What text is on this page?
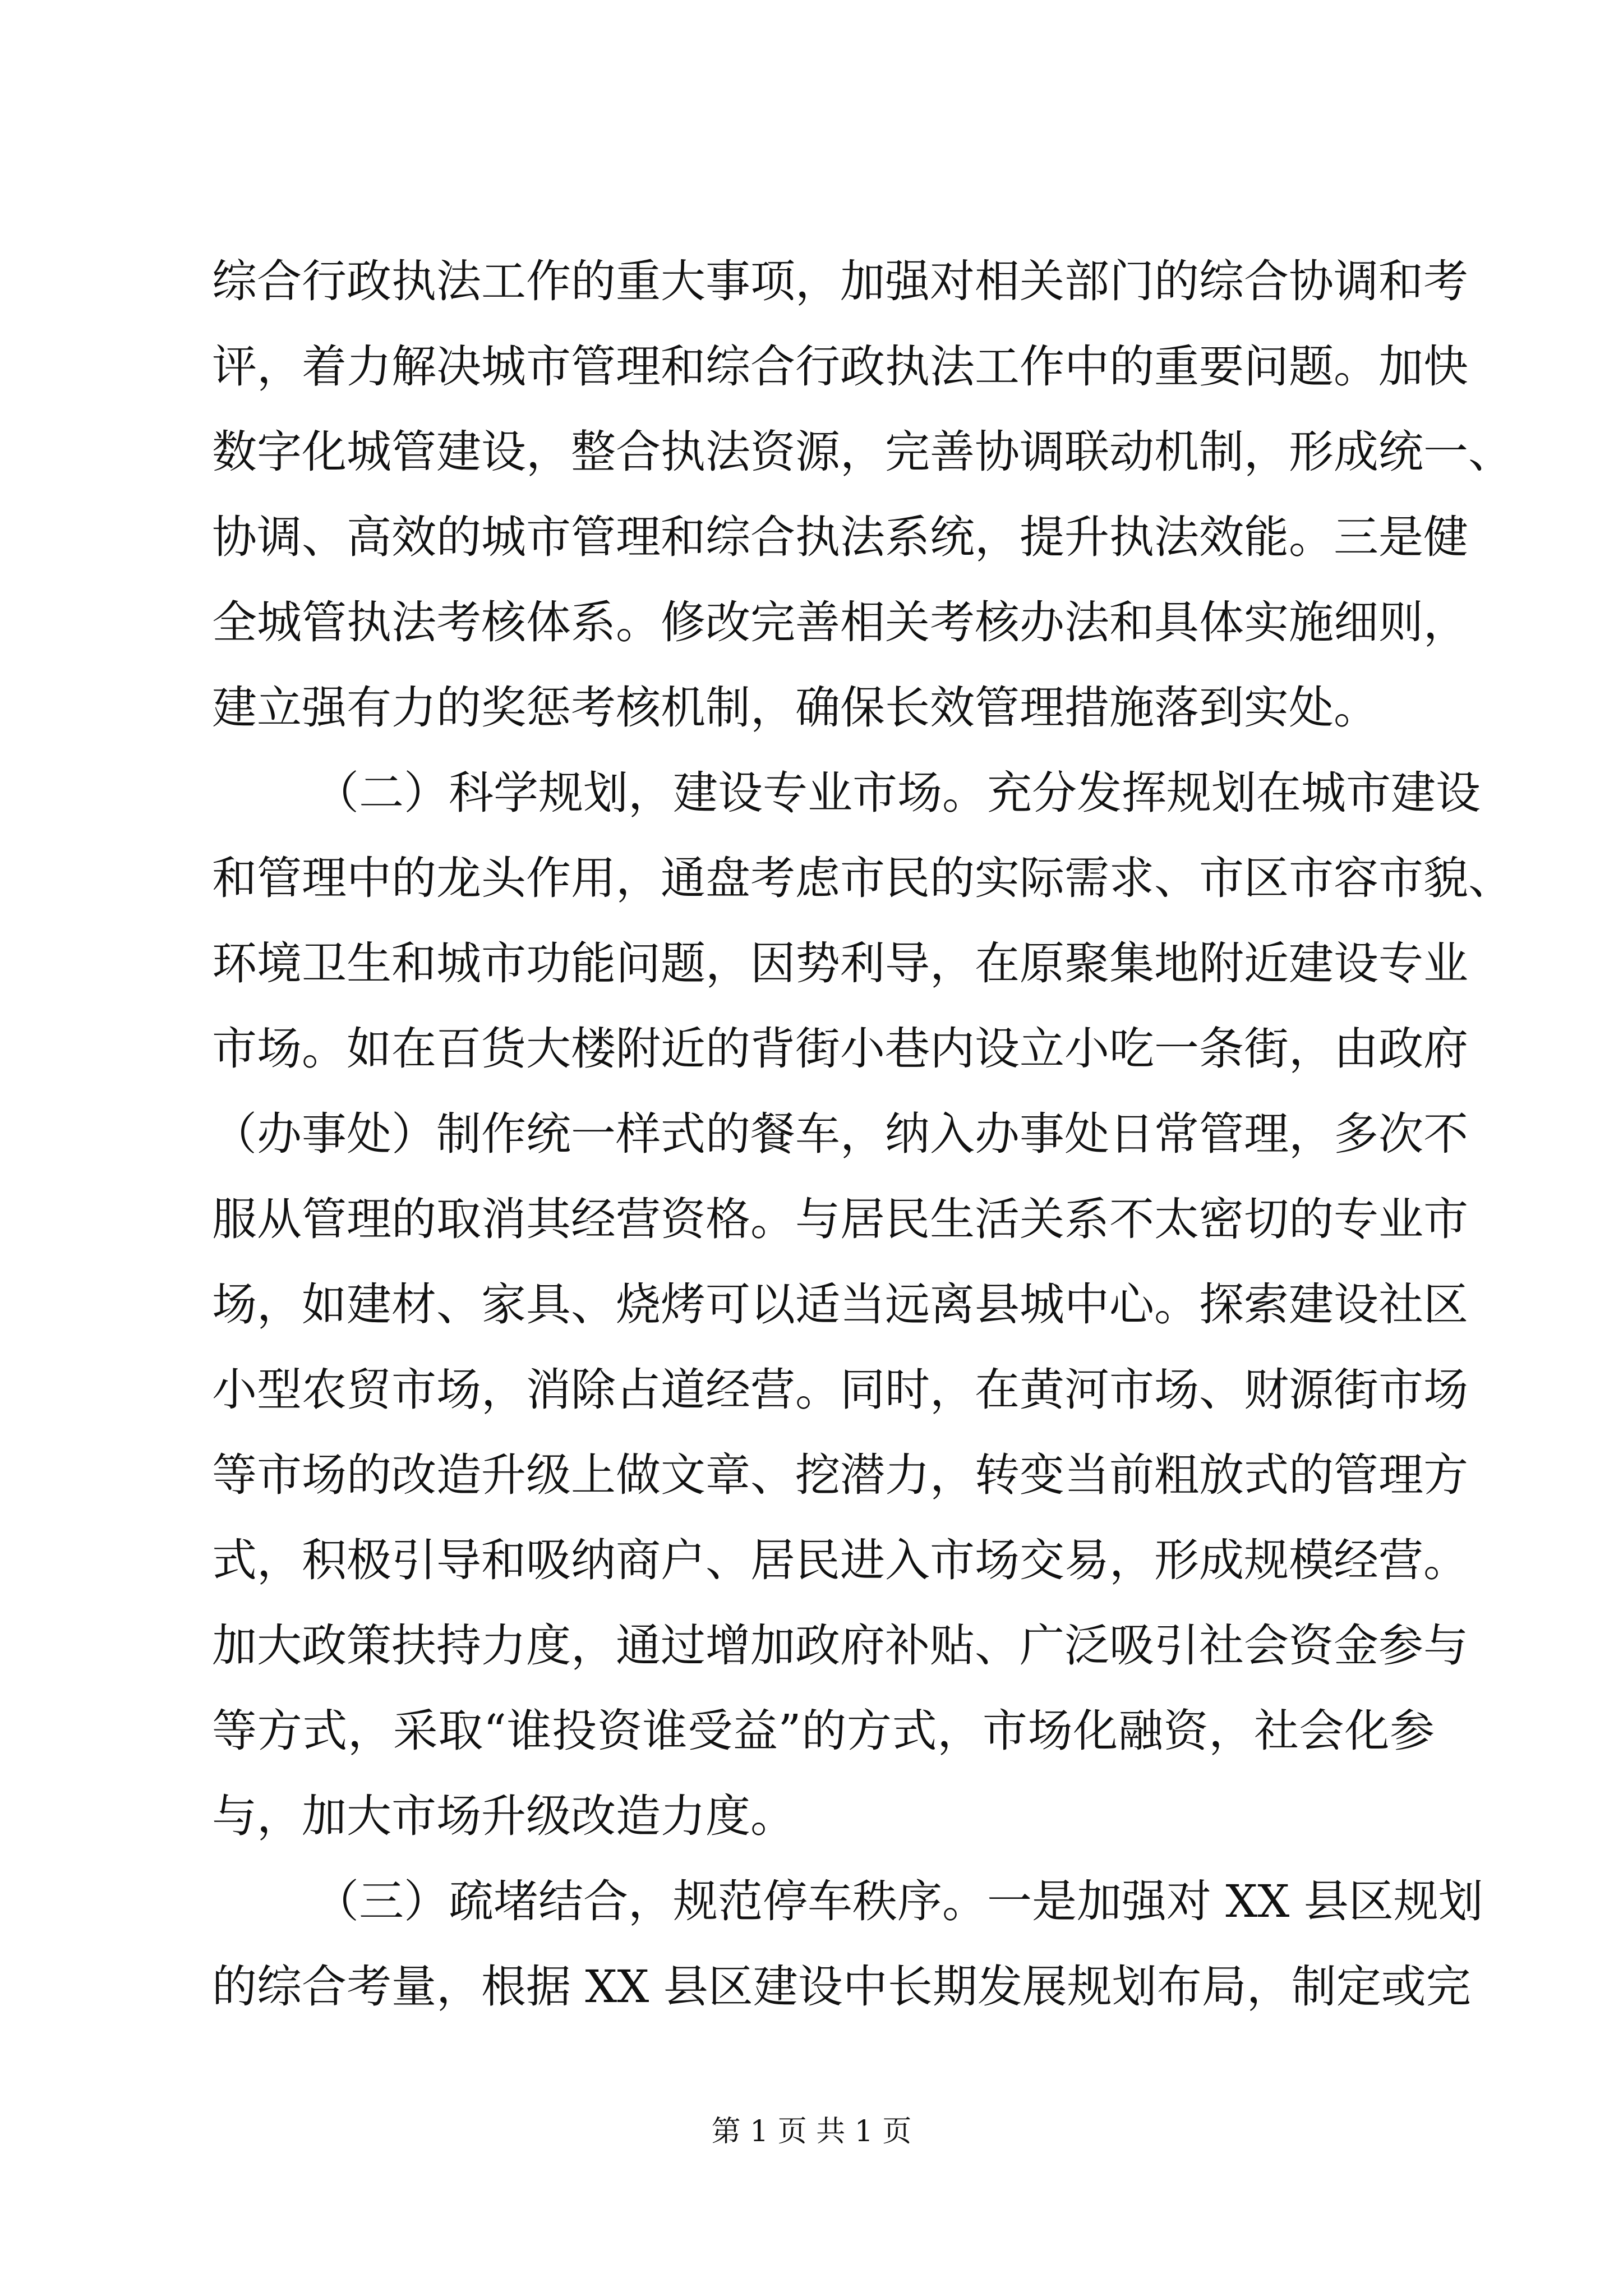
综合行政执法工作的重大事项，加强对相关部门的综合协调和考
评，着力解决城市管理和综合行政执法工作中的重要问题。加快
数字化城管建设，整合执法资源，完善协调联动机制，形成统一、
协调、高效的城市管理和综合执法系统，提升执法效能。三是健
全城管执法考核体系。修改完善相关考核办法和具体实施细则，
建立强有力的奖惩考核机制，确保长效管理措施落到实处。
（二）科学规划，建设专业市场。充分发挥规划在城市建设
和管理中的龙头作用，通盘考虑市民的实际需求、市区市容市貌、
环境卫生和城市功能问题，因势利导，在原聚集地附近建设专业
市场。如在百货大楼附近的背街小巷内设立小吃一条街，由政府
（办事处）制作统一样式的餐车，纳入办事处日常管理，多次不
服从管理的取消其经营资格。与居民生活关系不太密切的专业市
场，如建材、家具、烧烤可以适当远离县城中心。探索建设社区
小型农贸市场，消除占道经营。同时，在黄河市场、财源街市场
等市场的改造升级上做文章、挖潜力，转变当前粗放式的管理方
式，积极引导和吸纳商户、居民进入市场交易，形成规模经营。
加大政策扶持力度，通过增加政府补贴、广泛吸引社会资金参与
等方式，采取“谁投资谁受益”的方式，市场化融资，社会化参
与，加大市场升级改造力度。
（三）疏堵结合，规范停车秩序。一是加强对 XX 县区规划
第 1 页 共 1 页
的综合考量，根据 XX 县区建设中长期发展规划布局，制定或完
